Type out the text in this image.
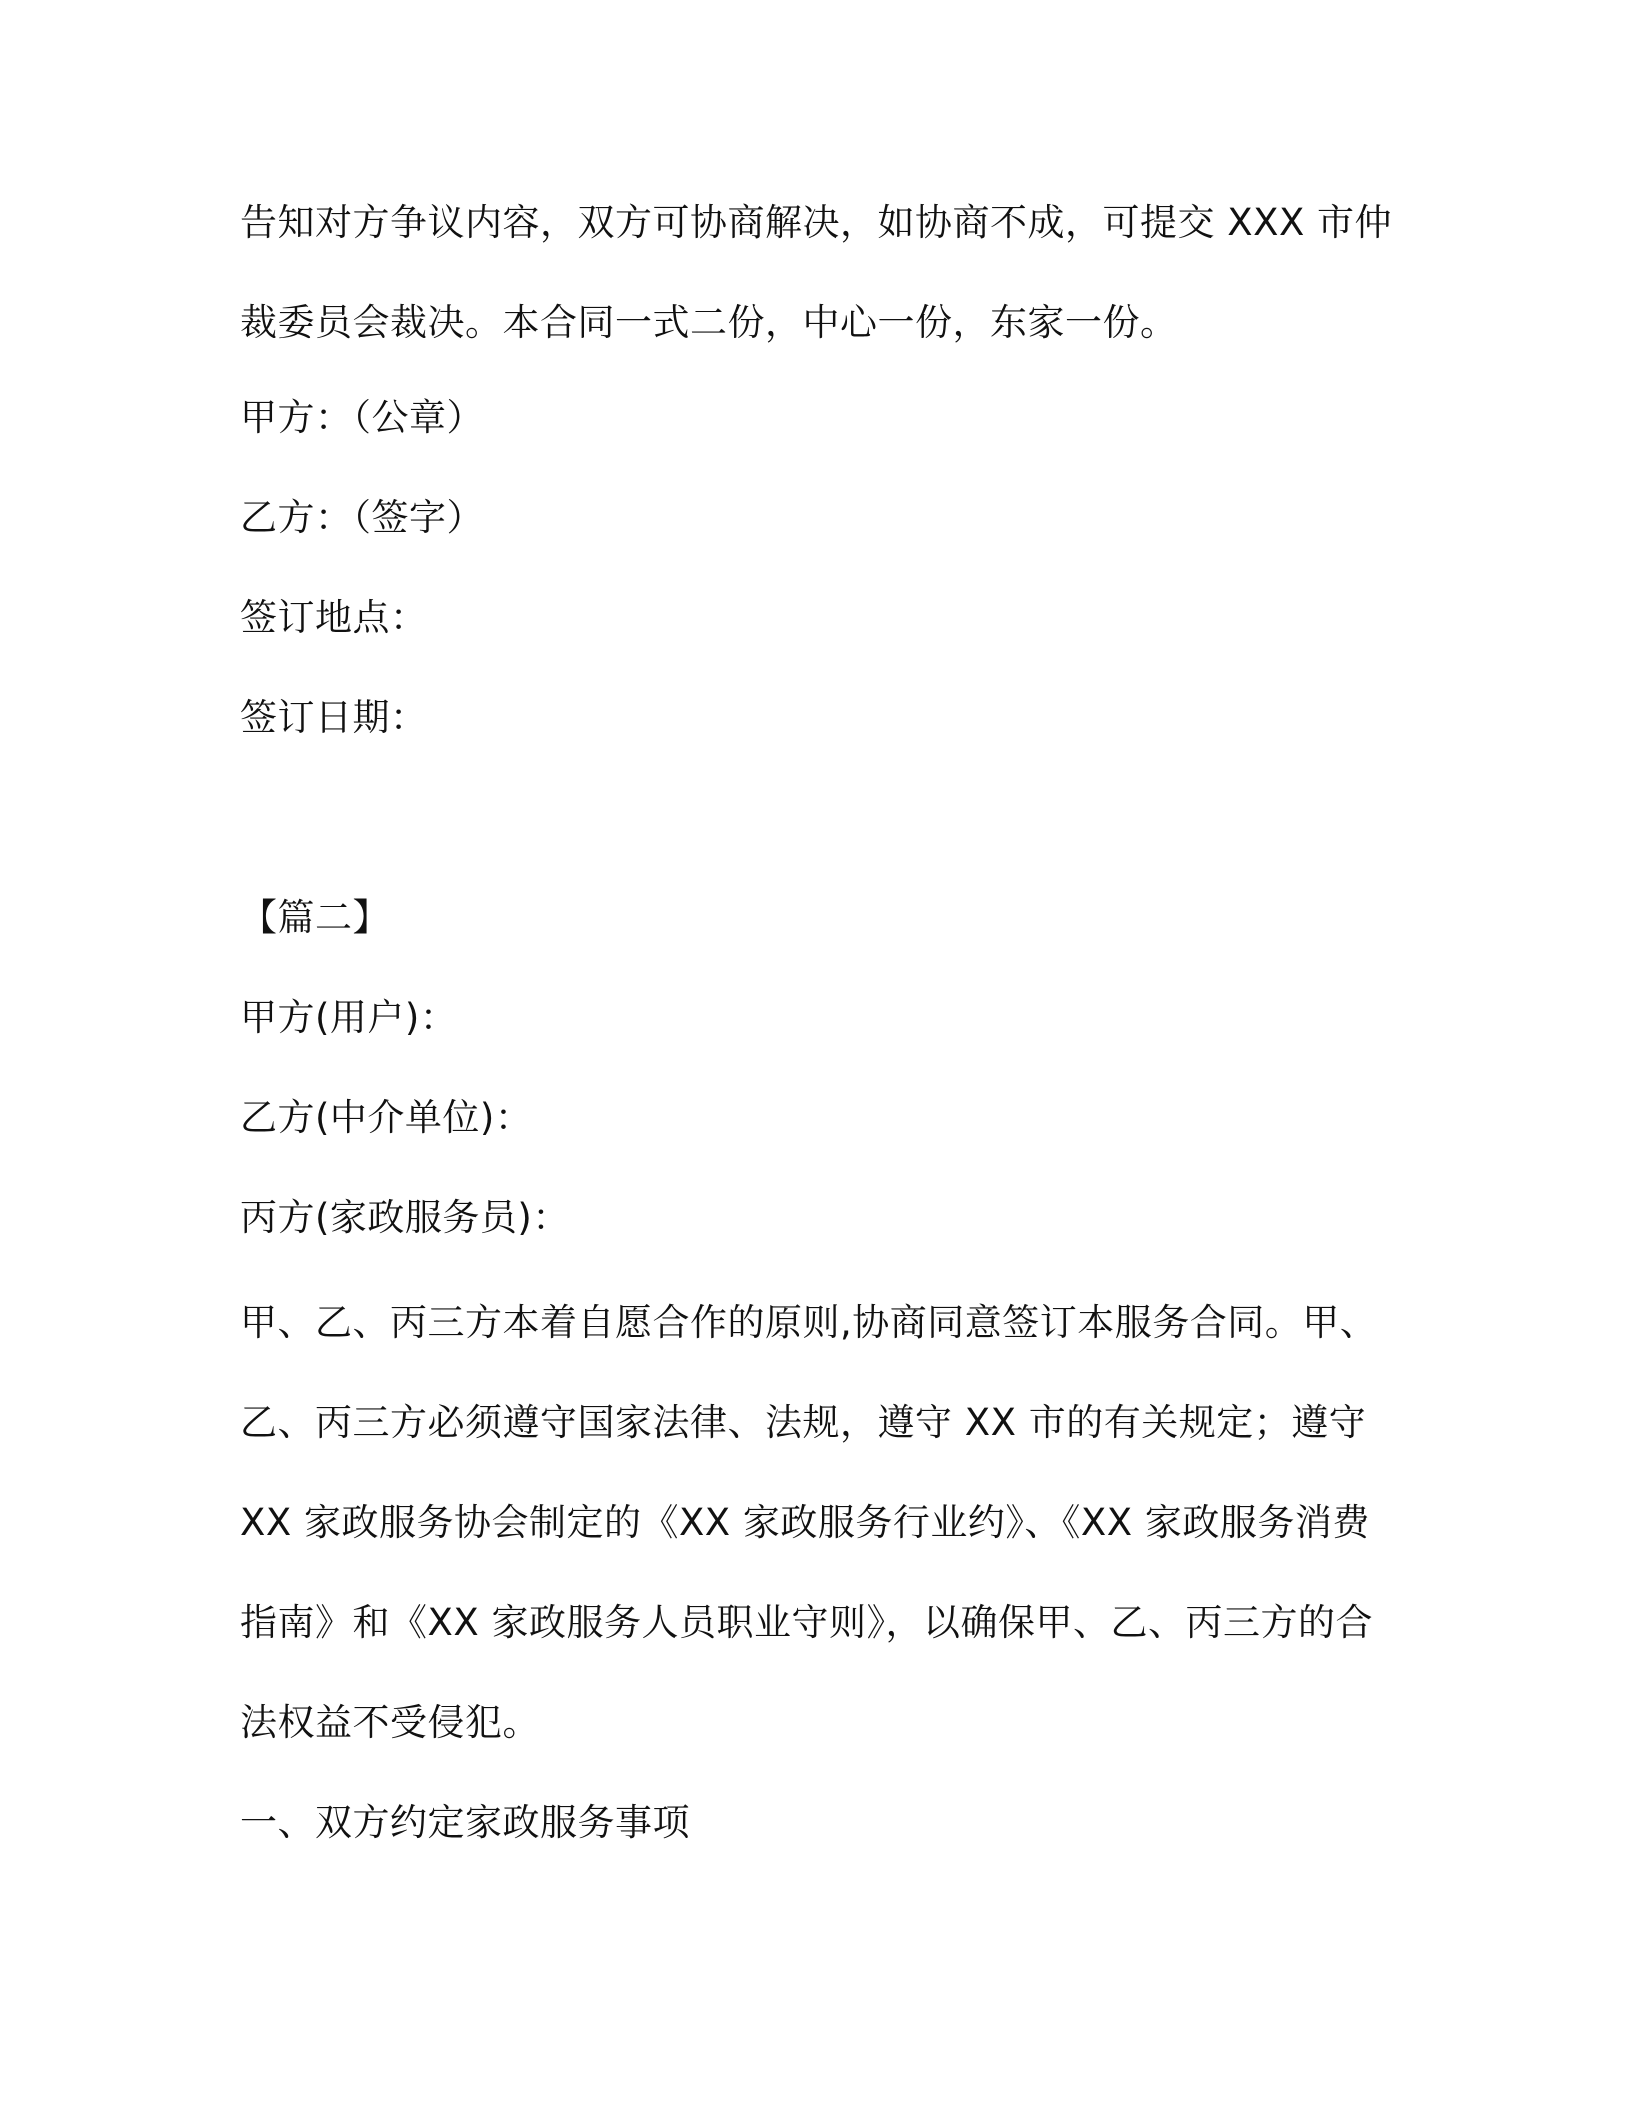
告知对方争议内容，双方可协商解决，如协商不成，可提交 XXX 市仲
裁委员会裁决。本合同一式二份，中心一份，东家一份。
甲方：（公章）
乙方：（签字）
签订地点：
签订日期：
【篇二】
甲方(用户)：
乙方(中介单位)：
丙方(家政服务员)：
甲、乙、丙三方本着自愿合作的原则,协商同意签订本服务合同。甲、
乙、丙三方必须遵守国家法律、法规，遵守 XX 市的有关规定；遵守
XX 家政服务协会制定的《XX 家政服务行业约》、《XX 家政服务消费
指南》和《XX 家政服务人员职业守则》，以确保甲、乙、丙三方的合
法权益不受侵犯。
一、双方约定家政服务事项
